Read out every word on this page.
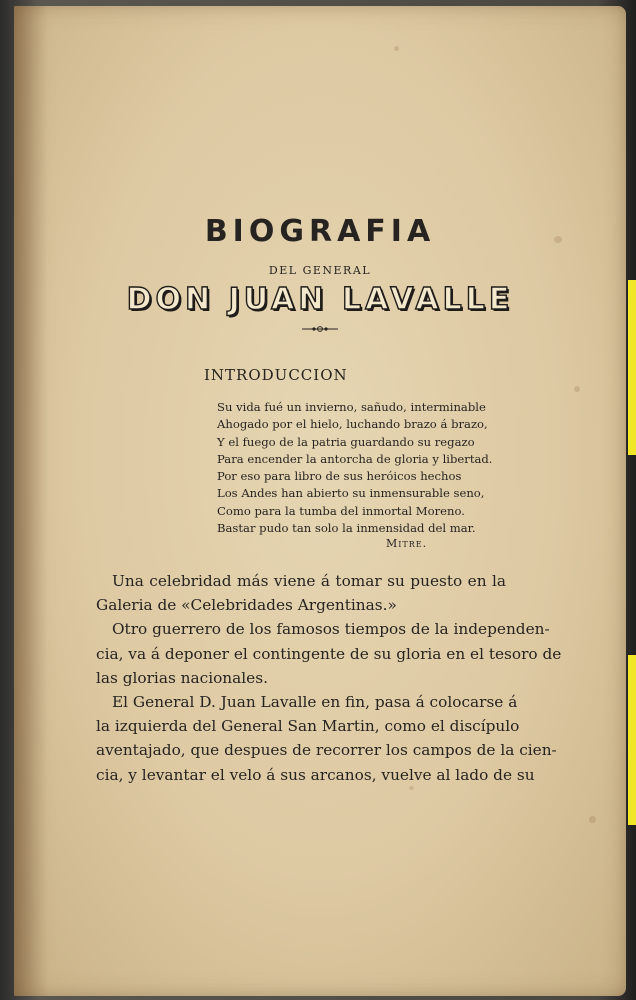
BIOGRAFIA
DEL GENERAL
DON JUAN LAVALLE
INTRODUCCION
Su vida fué un invierno, sañudo, interminable
Ahogado por el hielo, luchando brazo á brazo,
Y el fuego de la patria guardando su regazo
Para encender la antorcha de gloria y libertad.
Por eso para libro de sus heróicos hechos
Los Andes han abierto su inmensurable seno,
Como para la tumba del inmortal Moreno.
Bastar pudo tan solo la inmensidad del mar.
Mitre.
Una celebridad más viene á tomar su puesto en la
Galeria de «Celebridades Argentinas.»
Otro guerrero de los famosos tiempos de la independen-
cia, va á deponer el contingente de su gloria en el tesoro de
las glorias nacionales.
El General D. Juan Lavalle en fin, pasa á colocarse á
la izquierda del General San Martin, como el discípulo
aventajado, que despues de recorrer los campos de la cien-
cia, y levantar el velo á sus arcanos, vuelve al lado de su
